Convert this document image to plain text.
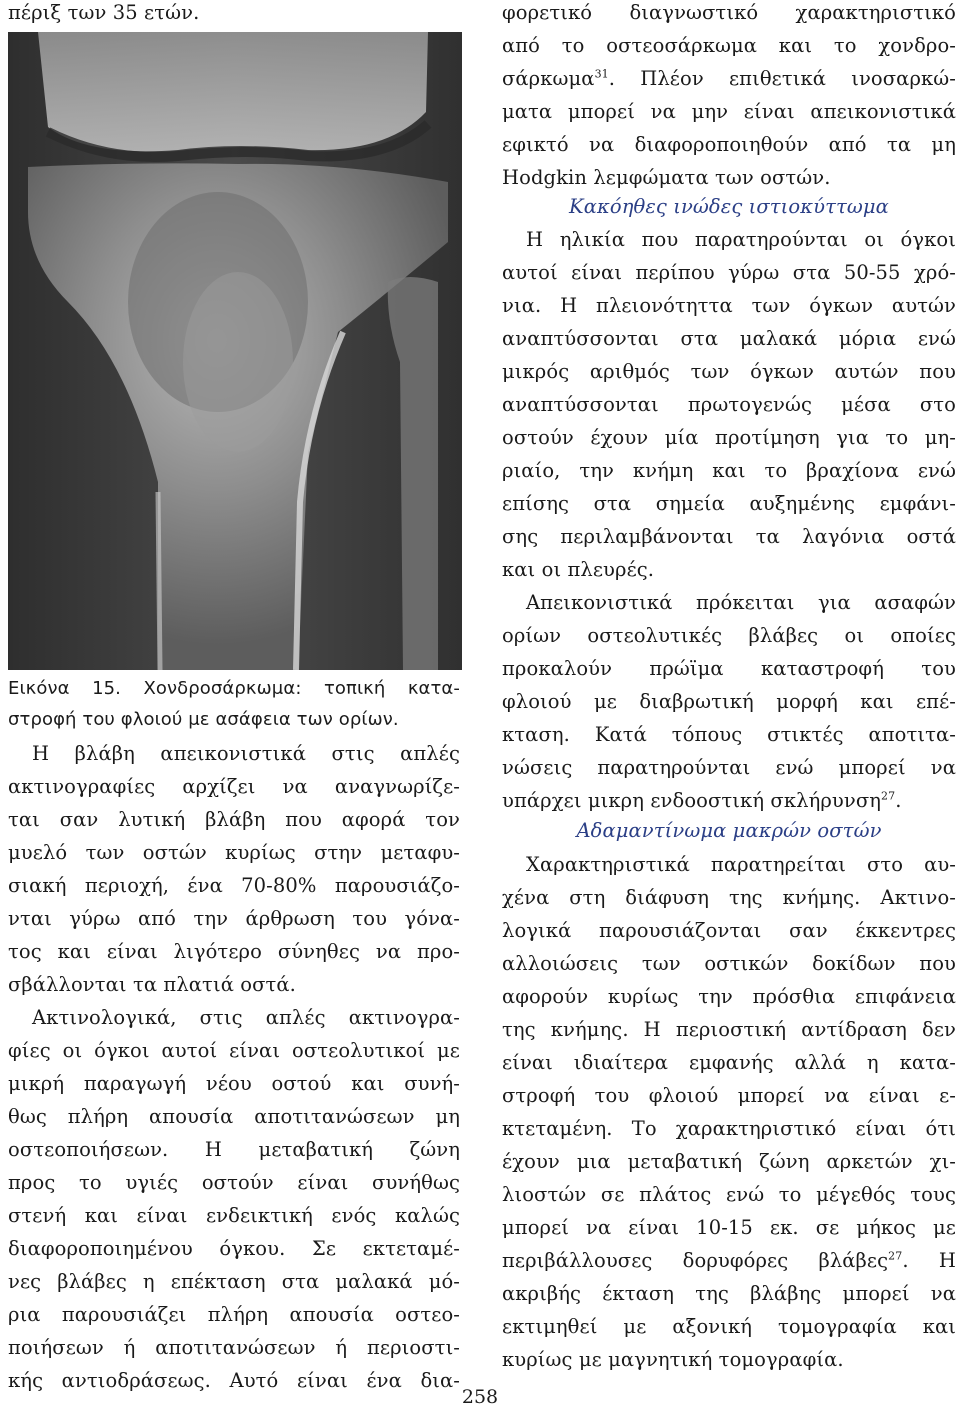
πέριξ των 35 ετών.
Εικόνα 15. Χονδροσάρκωμα: τοπική κατα-
στροφή του φλοιού με ασάφεια των ορίων.
Η βλάβη απεικονιστικά στις απλές
ακτινογραφίες αρχίζει να αναγνωρίζε-
ται σαν λυτική βλάβη που αφορά τον
μυελό των οστών κυρίως στην μεταφυ-
σιακή περιοχή, ένα 70-80% παρουσιάζο-
νται γύρω από την άρθρωση του γόνα-
τος και είναι λιγότερο σύνηθες να προ-
σβάλλονται τα πλατιά οστά.
Ακτινολογικά, στις απλές ακτινογρα-
φίες οι όγκοι αυτοί είναι οστεολυτικοί με
μικρή παραγωγή νέου οστού και συνή-
θως πλήρη απουσία αποτιτανώσεων μη
οστεοποιήσεων. Η μεταβατική ζώνη
προς το υγιές οστούν είναι συνήθως
στενή και είναι ενδεικτική ενός καλώς
διαφοροποιημένου όγκου. Σε εκτεταμέ-
νες βλάβες η επέκταση στα μαλακά μό-
ρια παρουσιάζει πλήρη απουσία οστεο-
ποιήσεων ή αποτιτανώσεων ή περιοστι-
κής αντιοδράσεως. Αυτό είναι ένα δια-
φορετικό διαγνωστικό χαρακτηριστικό
από το οστεοσάρκωμα και το χονδρο-
σάρκωμα$^{31}$. Πλέον επιθετικά ινοσαρκώ-
ματα μπορεί να μην είναι απεικονιστικά
εφικτό να διαφοροποιηθούν από τα μη
Hodgkin λεμφώματα των οστών.
Κακόηθες ινώδες ιστιοκύττωμα
Η ηλικία που παρατηρούνται οι όγκοι
αυτοί είναι περίπου γύρω στα 50-55 χρό-
νια. Η πλειονότηττα των όγκων αυτών
αναπτύσσονται στα μαλακά μόρια ενώ
μικρός αριθμός των όγκων αυτών που
αναπτύσσονται πρωτογενώς μέσα στο
οστούν έχουν μία προτίμηση για το μη-
ριαίο, την κνήμη και το βραχίονα ενώ
επίσης στα σημεία αυξημένης εμφάνι-
σης περιλαμβάνονται τα λαγόνια οστά
και οι πλευρές.
Απεικονιστικά πρόκειται για ασαφών
ορίων οστεολυτικές βλάβες οι οποίες
προκαλούν πρώϊμα καταστροφή του
φλοιού με διαβρωτική μορφή και επέ-
κταση. Κατά τόπους στικτές αποτιτα-
νώσεις παρατηρούνται ενώ μπορεί να
υπάρχει μικρη ενδοοστική σκλήρυνση$^{27}$.
Αδαμαντίνωμα μακρών οστών
Χαρακτηριστικά παρατηρείται στο αυ-
χένα στη διάφυση της κνήμης. Ακτινο-
λογικά παρουσιάζονται σαν έκκεντρες
αλλοιώσεις των οστικών δοκίδων που
αφορούν κυρίως την πρόσθια επιφάνεια
της κνήμης. Η περιοστική αντίδραση δεν
είναι ιδιαίτερα εμφανής αλλά η κατα-
στροφή του φλοιού μπορεί να είναι ε-
κτεταμένη. Το χαρακτηριστικό είναι ότι
έχουν μια μεταβατική ζώνη αρκετών χι-
λιοστών σε πλάτος ενώ το μέγεθός τους
μπορεί να είναι 10-15 εκ. σε μήκος με
περιβάλλουσες δορυφόρες βλάβες$^{27}$. Η
ακριβής έκταση της βλάβης μπορεί να
εκτιμηθεί με αξονική τομογραφία και
κυρίως με μαγνητική τομογραφία.
258
